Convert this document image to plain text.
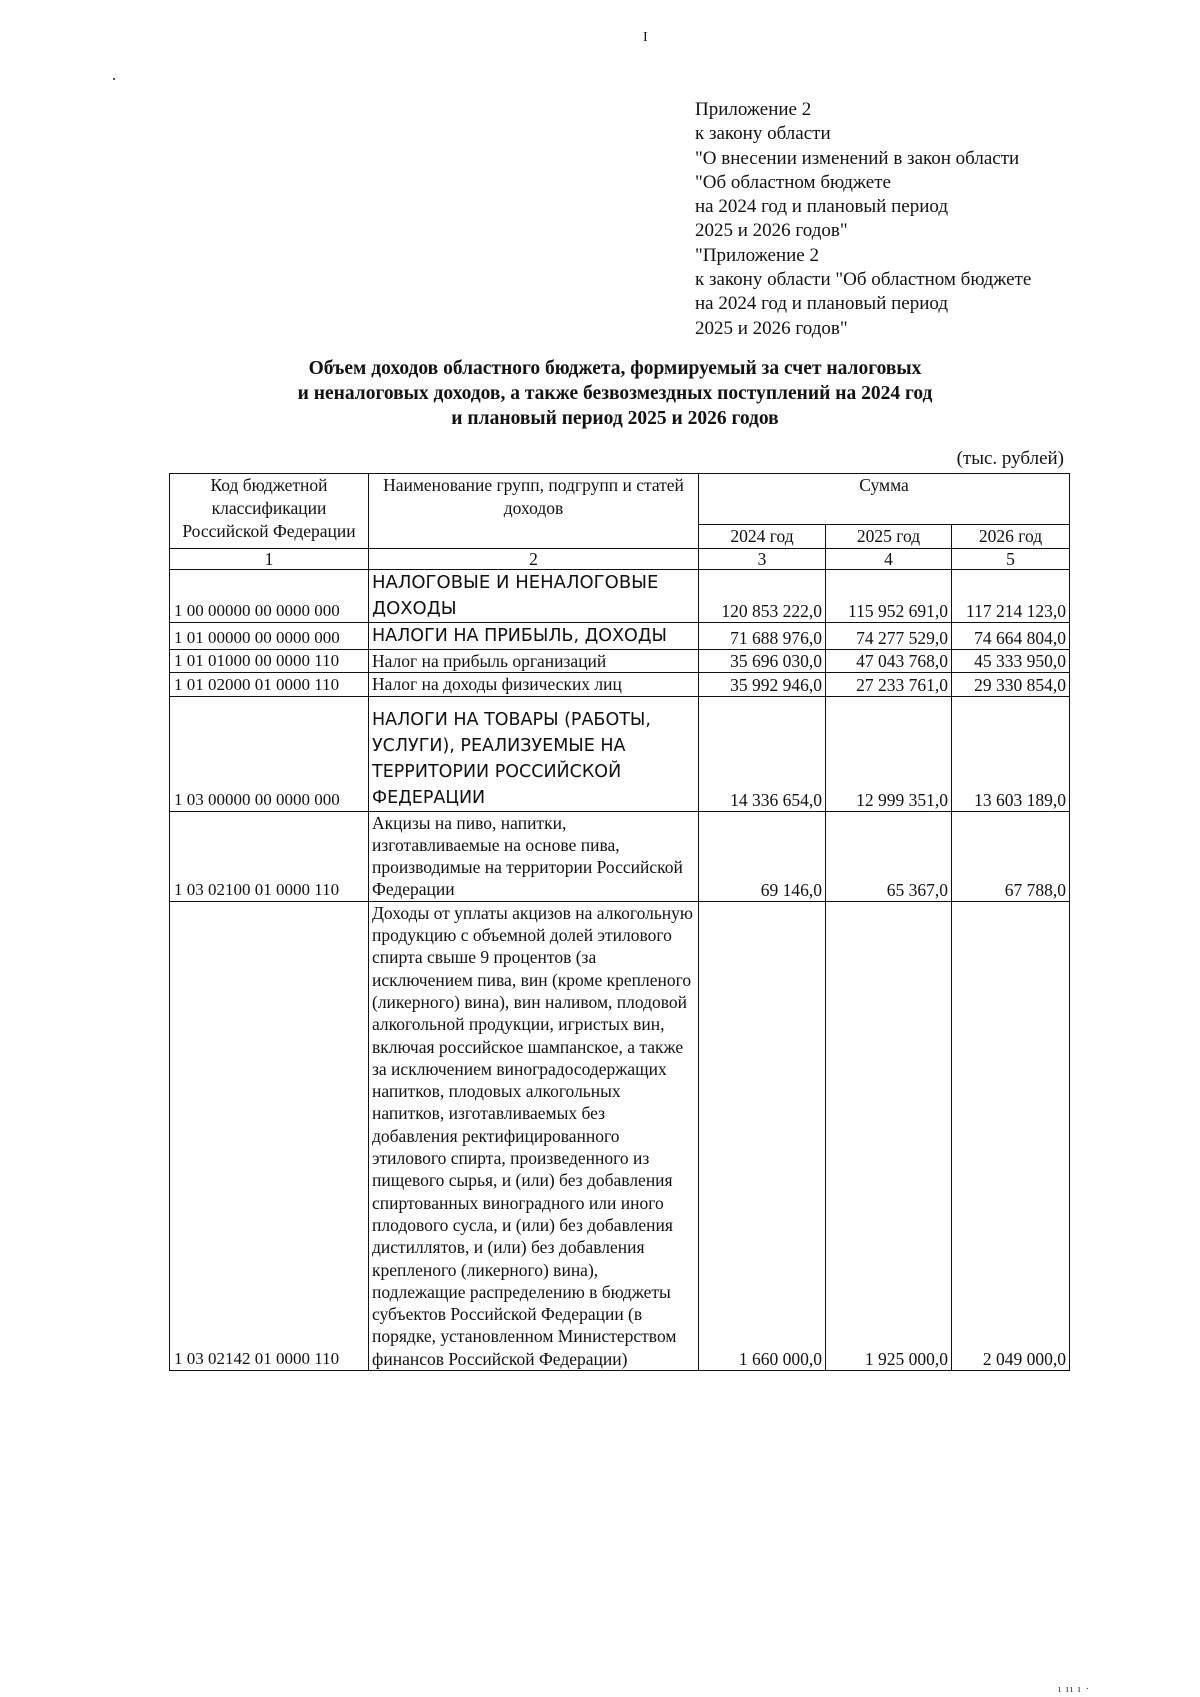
I
Приложение 2
к закону области
"О внесении изменений в закон области
"Об областном бюджете
на 2024 год и плановый период
2025 и 2026 годов"
"Приложение 2
к закону области "Об областном бюджете
на 2024 год и плановый период
2025 и 2026 годов"
Объем доходов областного бюджета, формируемый за счет налоговых
и неналоговых доходов, а также безвозмездных поступлений на 2024 год
и плановый период 2025 и 2026 годов
(тыс. рублей)
Код бюджетной классификации Российской Федерации	Наименование групп, подгрупп и статей доходов	Сумма		
		2024 год	2025 год	2026 год
1	2	3	4	5
1 00 00000 00 0000 000	НАЛОГОВЫЕ И НЕНАЛОГОВЫЕ ДОХОДЫ	120 853 222,0	115 952 691,0	117 214 123,0
1 01 00000 00 0000 000	НАЛОГИ НА ПРИБЫЛЬ, ДОХОДЫ	71 688 976,0	74 277 529,0	74 664 804,0
1 01 01000 00 0000 110	Налог на прибыль организаций	35 696 030,0	47 043 768,0	45 333 950,0
1 01 02000 01 0000 110	Налог на доходы физических лиц	35 992 946,0	27 233 761,0	29 330 854,0
1 03 00000 00 0000 000	НАЛОГИ НА ТОВАРЫ (РАБОТЫ, УСЛУГИ), РЕАЛИЗУЕМЫЕ НА ТЕРРИТОРИИ РОССИЙСКОЙ ФЕДЕРАЦИИ	14 336 654,0	12 999 351,0	13 603 189,0
1 03 02100 01 0000 110	Акцизы на пиво, напитки, изготавливаемые на основе пива, производимые на территории Российской Федерации	69 146,0	65 367,0	67 788,0
1 03 02142 01 0000 110	Доходы от уплаты акцизов на алкогольную продукцию с объемной долей этилового спирта свыше 9 процентов (за исключением пива, вин (кроме крепленого (ликерного) вина), вин наливом, плодовой алкогольной продукции, игристых вин, включая российское шампанское, а также за исключением виноградосодержащих напитков, плодовых алкогольных напитков, изготавливаемых без добавления ректифицированного этилового спирта, произведенного из пищевого сырья, и (или) без добавления спиртованных виноградного или иного плодового сусла, и (или) без добавления дистиллятов, и (или) без добавления крепленого (ликерного) вина), подлежащие распределению в бюджеты субъектов Российской Федерации (в порядке, установленном Министерством финансов Российской Федерации)	1 660 000,0	1 925 000,0	2 049 000,0
ı ıı ı ·
